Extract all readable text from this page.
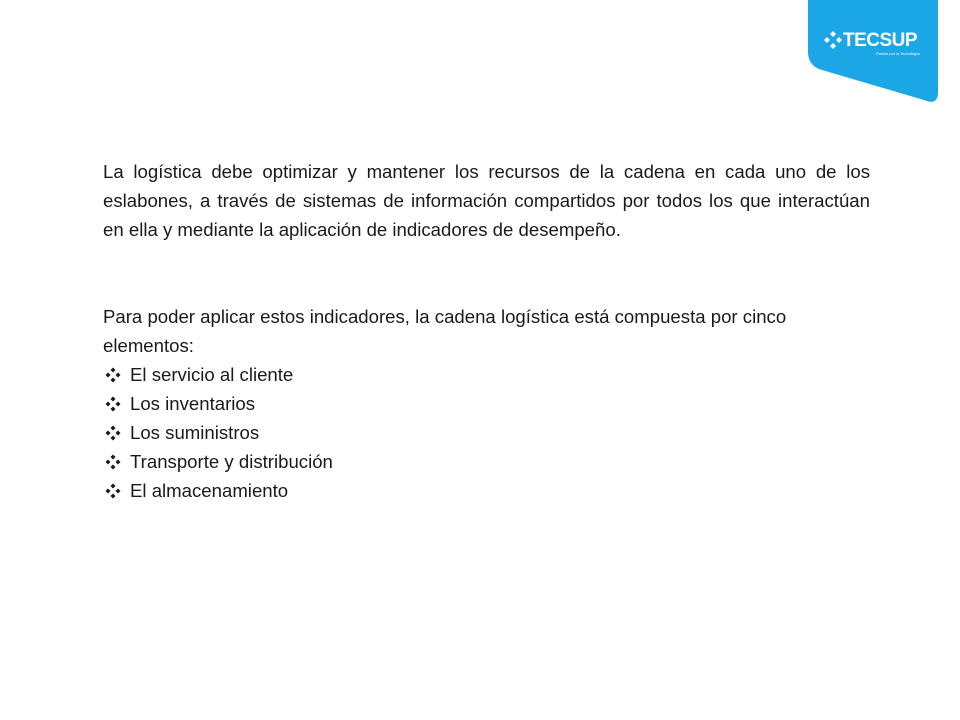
TECSUP
Pasión por la Tecnología

La logística debe optimizar y mantener los recursos de la cadena en cada uno de los eslabones, a través de sistemas de información compartidos por todos los que interactúan en ella y mediante la aplicación de indicadores de desempeño.

Para poder aplicar estos indicadores, la cadena logística está compuesta por cinco elementos:

El servicio al cliente
Los inventarios
Los suministros
Transporte y distribución
El almacenamiento
